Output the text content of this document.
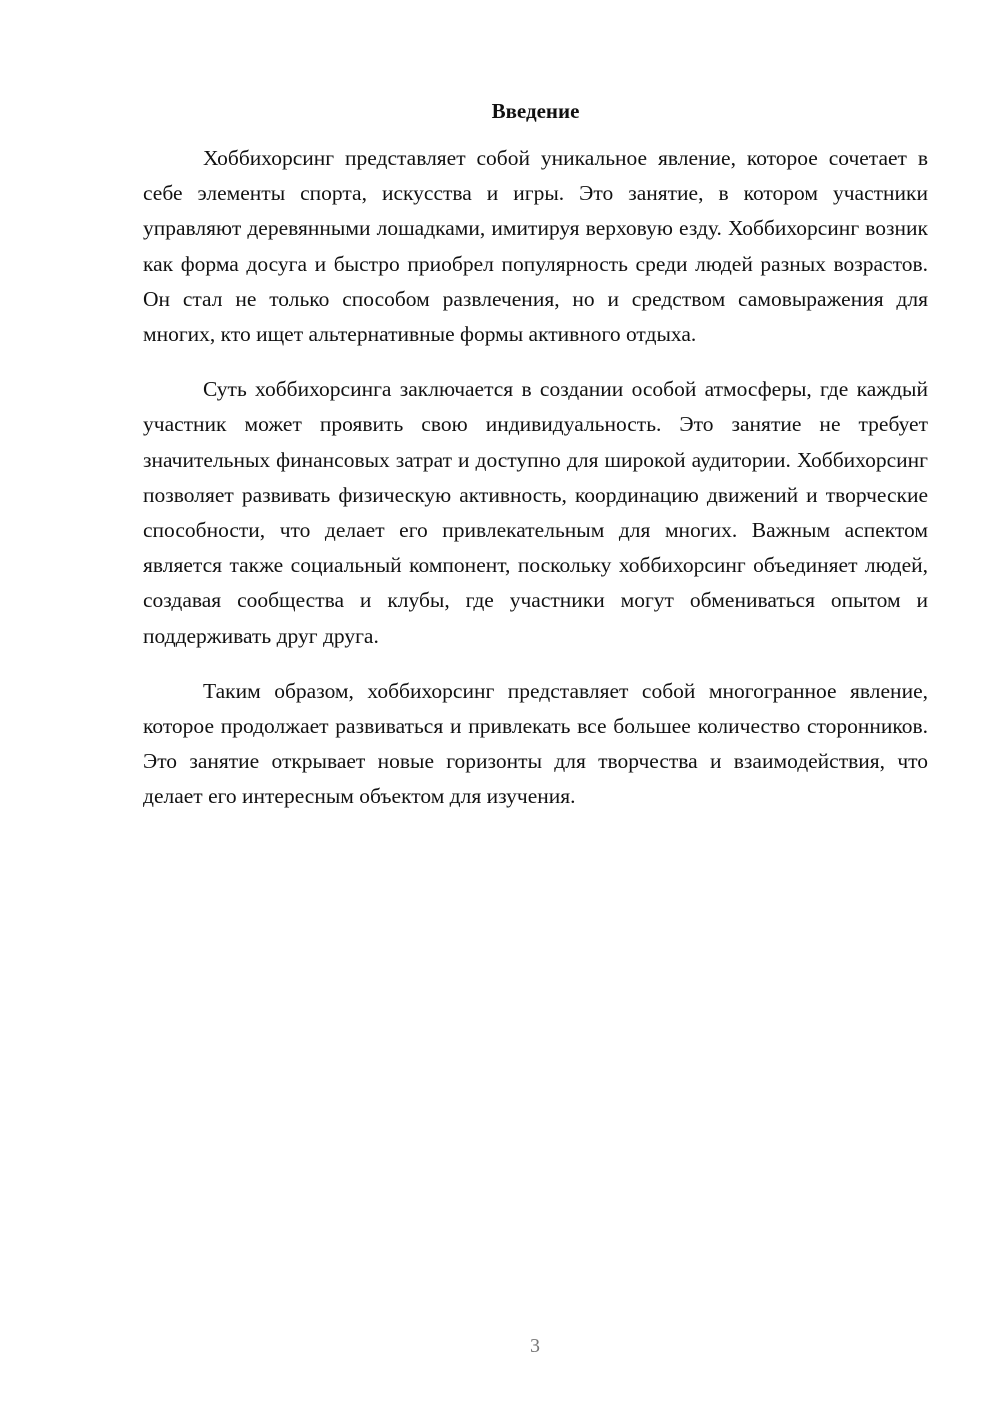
Введение

Хоббихорсинг представляет собой уникальное явление, которое сочетает в себе элементы спорта, искусства и игры. Это занятие, в котором участники управляют деревянными лошадками, имитируя верховую езду. Хоббихорсинг возник как форма досуга и быстро приобрел популярность среди людей разных возрастов. Он стал не только способом развлечения, но и средством самовыражения для многих, кто ищет альтернативные формы активного отдыха.

Суть хоббихорсинга заключается в создании особой атмосферы, где каждый участник может проявить свою индивидуальность. Это занятие не требует значительных финансовых затрат и доступно для широкой аудитории. Хоббихорсинг позволяет развивать физическую активность, координацию движений и творческие способности, что делает его привлекательным для многих. Важным аспектом является также социальный компонент, поскольку хоббихорсинг объединяет людей, создавая сообщества и клубы, где участники могут обмениваться опытом и поддерживать друг друга.

Таким образом, хоббихорсинг представляет собой многогранное явление, которое продолжает развиваться и привлекать все большее количество сторонников. Это занятие открывает новые горизонты для творчества и взаимодействия, что делает его интересным объектом для изучения.

3
